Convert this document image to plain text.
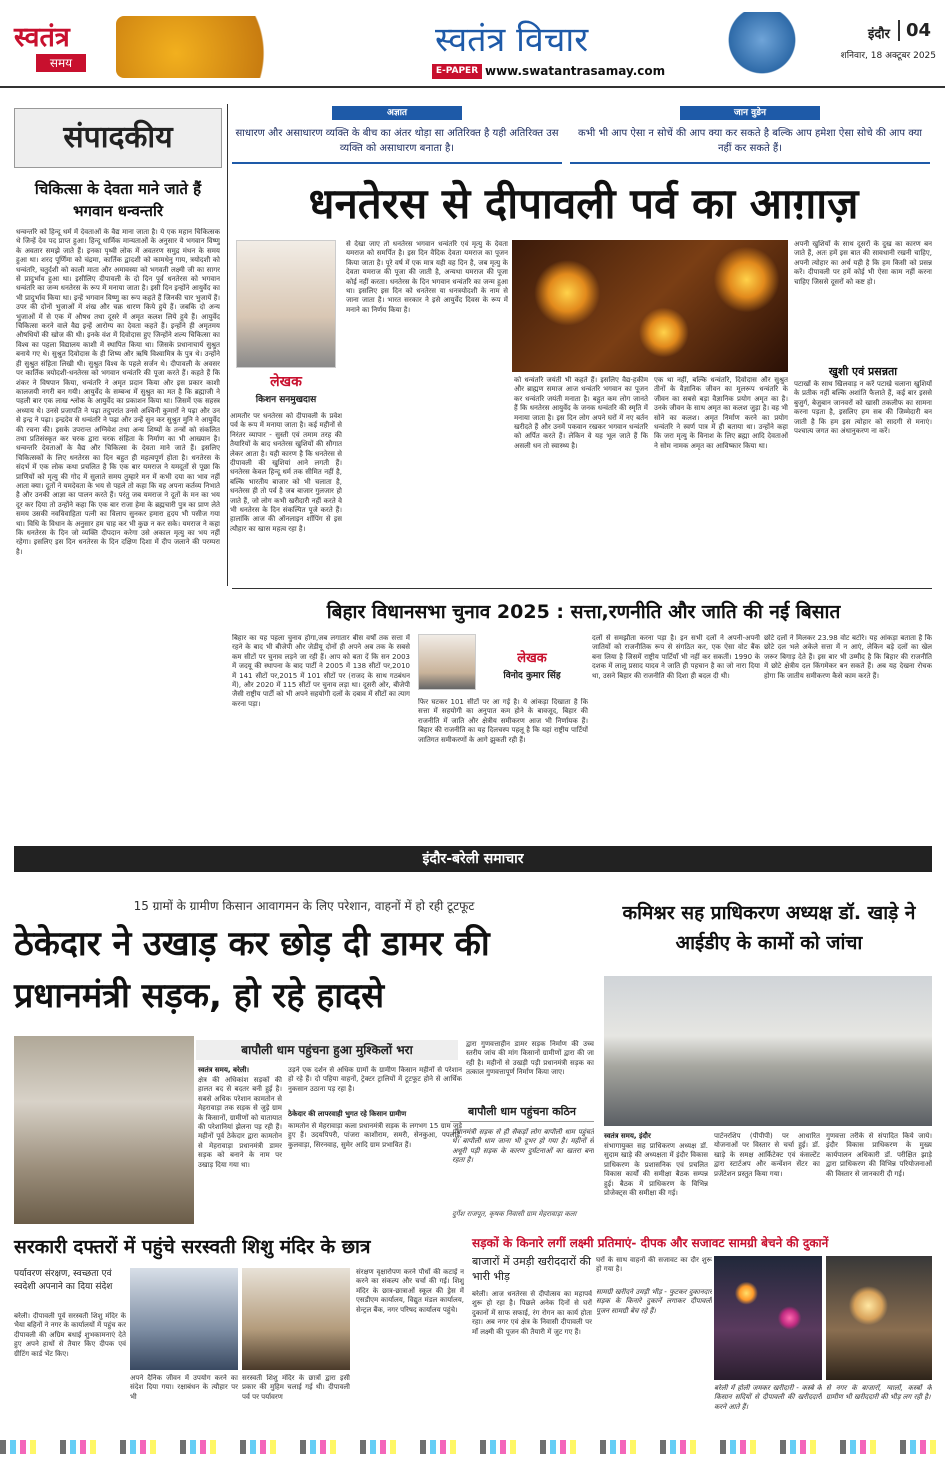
स्वतंत्र
समय
स्वतंत्र विचार
E-PAPER www.swatantrasamay.com
इंदौर 04
शनिवार, 18 अक्टूबर 2025
संपादकीय
चिकित्सा के देवता माने जाते हैं भगवान धन्वन्तरि
धन्वन्तरि को हिन्दू धर्म में देवताओं के वैद्य माना जाता है। ये एक महान चिकित्सक थे जिन्हें देव पद प्राप्त हुआ। हिन्दू धार्मिक मान्यताओं के अनुसार ये भगवान विष्णु के अवतार समझे जाते हैं। इनका पृथ्वी लोक में अवतरण समुद्र मंथन के समय हुआ था। शरद पूर्णिमा को चंद्रमा, कार्तिक द्वादशी को कामधेनु गाय, त्रयोदशी को धन्वंतरि, चतुर्दशी को काली माता और अमावस्या को भगवती लक्ष्मी जी का सागर से प्रादुर्भाव हुआ था। इसीलिए दीपावली के दो दिन पूर्व धनतेरस को भगवान धन्वंतरि का जन्म धनतेरस के रूप में मनाया जाता है। इसी दिन इन्होंने आयुर्वेद का भी प्रादुर्भाव किया था। इन्हें भगवान विष्णु का रूप कहते हैं जिनकी चार भुजायें हैं। उपर की दोनों भुजाओं में शंख और चक्र धारण किये हुये हैं। जबकि दो अन्य भुजाओं में से एक में औषध तथा दूसरे में अमृत कलश लिये हुये हैं। आयुर्वेद चिकित्सा करने वाले वैद्य इन्हें आरोग्य का देवता कहते हैं। इन्होंने ही अमृतमय औषधियों की खोज की थी। इनके वंश में दिवोदास हुए जिन्होंने शल्य चिकित्सा का विश्व का पहला विद्यालय काशी में स्थापित किया था। जिसके प्रधानाचार्य सुश्रुत बनाये गए थे। सुश्रुत दिवोदास के ही शिष्य और ऋषि विश्वामित्र के पुत्र थे। उन्होंने ही सुश्रुत संहिता लिखी थी। सुश्रुत विश्व के पहले सर्जन थे। दीपावली के अवसर पर कार्तिक त्रयोदशी-धनतेरस को भगवान धन्वंतरि की पूजा करते हैं। कहते हैं कि शंकर ने विषपान किया, धन्वंतरि ने अमृत प्रदान किया और इस प्रकार काशी कालजयी नगरी बन गयी। आयुर्वेद के सम्बन्ध में सुश्रुत का मत है कि ब्रह्माजी ने पहली बार एक लाख श्लोक के आयुर्वेद का प्रकाशन किया था। जिसमें एक सहस्त्र अध्याय थे। उनसे प्रजापति ने पढ़ा तदुपरांत उनसे अश्विनी कुमारों ने पढ़ा और उन से इन्द्र ने पढ़ा। इन्द्रदेव से धन्वंतरि ने पढ़ा और उन्हें सुन कर सुश्रुत मुनि ने आयुर्वेद की रचना की। इसके उपरान्त अग्निवेश तथा अन्य शिष्यों के तन्त्रों को संकलित तथा प्रतिसंस्कृत कर चरक द्वारा चरक संहिता के निर्माण का भी आख्यान है। धन्वन्तरि देवताओं के वैद्य और चिकित्सा के देवता माने जाते हैं। इसलिए चिकित्सकों के लिए धनतेरस का दिन बहुत ही महत्वपूर्ण होता है। धनतेरस के संदर्भ में एक लोक कथा प्रचलित है कि एक बार यमराज ने यमदूतों से पूछा कि प्राणियों को मृत्यु की गोद में सुलाते समय तुम्हारे मन में कभी दया का भाव नहीं आता क्या। दूतों ने यमदेवता के भय से पहले तो कहा कि वह अपना कर्तव्य निभाते है और उनकी आज्ञा का पालन करते हैं। परंतु जब यमराज ने दूतों के मन का भय दूर कर दिया तो उन्होंने कहा कि एक बार राजा हेमा के ब्रह्मचारी पुत्र का प्राण लेते समय उसकी नवविवाहिता पत्नी का विलाप सुनकर हमारा हृदय भी पसीज गया था। विधि के विधान के अनुसार हम चाह कर भी कुछ न कर सके। यमराज ने कहा कि धनतेरस के दिन जो व्यक्ति दीपदान करेगा उसे अकाल मृत्यु का भय नहीं रहेगा। इसलिए इस दिन धनतेरस के दिन दक्षिण दिशा में दीप जलाने की परम्परा है।
अज्ञात
साधारण और असाधारण व्यक्ति के बीच का अंतर थोड़ा सा अतिरिक्त है यही अतिरिक्त उस व्यक्ति को असाधारण बनाता है।
जान वुडेन
कभी भी आप ऐसा न सोचें की आप क्या कर सकते है बल्कि आप हमेशा ऐसा सोचे की आप क्या नहीं कर सकते हैं।
धनतेरस से दीपावली पर्व का आग़ाज़
लेखक
किशन सनमुखदास
आमतौर पर धनतेरस को दीपावली के प्रवेश पर्व के रूप में मनाया जाता है। कई महीनों से निरंतर व्यापार - सुस्ती एवं तमाम तरह की तैयारियों के बाद धनतेरस खुशियों की सौगात लेकर आता है। यही कारण है कि धनतेरस से दीपावली की खुशियां आने लगती हैं। धनतेरस केवल हिन्दू धर्म तक सीमित नहीं है, बल्कि भारतीय बाजार को भी चलाता है, धनतेरस ही तो पर्व है जब बाजार गुलजार हो जाते हैं, जो लोग कभी खरीदारी नहीं करते वे भी धनतेरस के दिन संकल्पित पूजे करते हैं। हालांकि आज की ऑनलाइन शॉपिंग से इस त्यौहार का खास महत्व रहा है।
से देखा जाए तो धनतेरस भगवान धन्वंतरि एवं मृत्यु के देवता यमराज को समर्पित है। इस दिन वैदिक देवता यमराज का पूजन किया जाता है। पूरे वर्ष में एक मात्र यही वह दिन है, जब मृत्यु के देवता यमराज की पूजा की जाती है, अन्यथा यमराज की पूजा कोई नहीं करता। धनतेरस के दिन भगवान धन्वंतरि का जन्म हुआ था। इसलिए इस दिन को धनतेरस या धनत्रयोदशी के नाम से जाना जाता है। भारत सरकार ने इसे आयुर्वेद दिवस के रूप में मनाने का निर्णय किया है।
को धन्वंतरि जयंती भी कहते हैं। इसलिए वैद्य-हकीम और ब्राह्मण समाज आज धन्वंतरि भगवान का पूजन कर धन्वंतरि जयंती मनाता है। बहुत कम लोग जानते हैं कि धनतेरस आयुर्वेद के जनक धन्वंतरि की स्मृति में मनाया जाता है। इस दिन लोग अपने घरों में नए बर्तन खरीदते हैं और उनमें पकवान रखकर भगवान धन्वंतरि को अर्पित करते हैं। लेकिन वे यह भूल जाते हैं कि असली धन तो स्वास्थ्य है।
एक था नहीं, बल्कि धन्वंतरि, दिवोदास और सुश्रुत तीनों के वैज्ञानिक जीवन का मूलरूप धन्वंतरि के जीवन का सबसे बड़ा वैज्ञानिक प्रयोग अमृत का है। उनके जीवन के साथ अमृत का कलश जुड़ा है। वह भी सोने का कलश। अमृत निर्माण करने का प्रयोग धन्वंतरि ने स्वर्ण पात्र में ही बताया था। उन्होंने कहा कि जरा मृत्यु के विनाश के लिए ब्रह्मा आदि देवताओं ने सोम नामक अमृत का आविष्कार किया था।
अपनी खुशियों के साथ दूसरों के दुख का कारण बन जाते हैं, अतः हमें इस बात की सावधानी रखनी चाहिए, अपनी त्योहार का अर्थ यही है कि हम किसी को प्रसन्न करें। दीपावली पर हमें कोई भी ऐसा काम नहीं करना चाहिए जिससे दूसरों को कष्ट हो।
खुशी एवं प्रसन्नता
पटाखों के साथ खिलवाड़ न करें पटाखे चलाना खुशियों के प्रतीक नहीं बल्कि अशांति फैलाते हैं, कई बार इससे बुजुर्ग, बेजुबान जानवरों को खासी तकलीफ का सामना करना पड़ता है, इसलिए हम सब की जिम्मेदारी बन जाती है कि हम इस त्योहार को सादगी से मनाएं। पश्चात्य जगत का अंधानुकरण ना करें।
बिहार विधानसभा चुनाव 2025 : सत्ता,रणनीति और जाति की नई बिसात
बिहार का यह पहला चुनाव होगा,जब लगातार बीस वर्षों तक सत्ता में रहने के बाद भी बीजेपी और जेडीयू दोनों ही अपने अब तक के सबसे कम सीटों पर चुनाव लड़ने जा रही हैं। आप को बता दें कि सन 2003 में जदयू की स्थापना के बाद पार्टी ने 2005 में 138 सीटों पर,2010 में 141 सीटों पर,2015 में 101 सीटों पर (राजद के साथ गठबंधन में), और 2020 में 115 सीटों पर चुनाव लड़ा था। दूसरी ओर, बीजेपी जैसी राष्ट्रीय पार्टी को भी अपने सहयोगी दलों के दबाव में सीटों का त्याग करना पड़ा।
लेखक
विनोद कुमार सिंह
फिर घटकर 101 सीटों पर आ गई है। ये आंकड़ा दिखाता है कि सत्ता में सहयोगी का अनुपात कम होने के बावजूद, बिहार की राजनीति में जाति और क्षेत्रीय समीकरण आज भी निर्णायक हैं। बिहार की राजनीति का यह दिलचस्प पहलू है कि यहां राष्ट्रीय पार्टियों जातिगत समीकरणों के आगे झुकती रही हैं।
दलों से समझौता करना पड़ा है। इन सभी दलों ने अपनी-अपनी जातियों को राजनीतिक रूप से संगठित कर, एक ऐसा वोट बैंक बना लिया है जिसमें राष्ट्रीय पार्टियाँ भी नहीं कर सकतीं। 1990 के दशक में लालू प्रसाद यादव ने जाति ही पहचान है का जो नारा दिया था, उसने बिहार की राजनीति की दिशा ही बदल दी थी।
छोटे दलों ने मिलकर 23.98 वोट बटोरे। यह आंकड़ा बताता है कि छोटे दल भले अकेले सत्ता में न आएं, लेकिन बड़े दलों का खेल जरूर बिगाड़ देते हैं। इस बार भी उम्मीद है कि बिहार की राजनीति में छोटे क्षेत्रीय दल किंगमेकर बन सकते हैं। अब यह देखना रोचक होगा कि जातीय समीकरण कैसे काम करते हैं।
इंदौर-बरेली समाचार
15 ग्रामों के ग्रामीण किसान आवागमन के लिए परेशान, वाहनों में हो रही टूटफूट
ठेकेदार ने उखाड़ कर छोड़ दी डामर की प्रधानमंत्री सड़क, हो रहे हादसे
बापौली धाम पहुंचना हुआ मुश्किलों भरा
स्वतंत्र समय, बरेली।
क्षेत्र की अधिकांश सड़कों की हालत बद से बदतर बनी हुई है। सबसे अधिक परेशान कामतोन से मेहरावाड़ा तक सड़क से जुड़े ग्राम के किसानों, ग्रामीणों को यातायात की परेशानियां झेलना पड़ रही हैं। महीनों पूर्व ठेकेदार द्वारा कामतोन से मेहरावाड़ा प्रधानमंत्री डामर सड़क को बनाने के नाम पर उखाड़ दिया गया था।
उड़ने एक दर्शन से अधिक ग्रामों के ग्रामीण किसान महीनों से परेशान हो रहे हैं। दो पहिया वाहनों, ट्रेक्टर ट्रालियों में टूटफूट होने से आर्थिक नुकसान उठाना पड़ रहा है।
ठेकेदार की लापरवाही भुगत रहे किसान ग्रामीण
कामतोन से मेहरावाड़ा कला प्रधानमंत्री सड़क के लगभग 15 ग्राम जुड़े हुए हैं। उदयपिपरी, पांजरा काशीराम, समरी, सेनकुआ, पपलाई, कुलवाड़ा, सिरनवाह, सुमेर आदि ग्राम प्रभावित हैं।
द्वारा गुणवत्ताहीन डामर सड़क निर्माण की उच्च स्तरीय जांच की मांग किसानों ग्रामीणों द्वारा की जा रही है। महीनों से उखड़ी पड़ी प्रधानमंत्री सड़क का तत्काल गुणवत्तापूर्ण निर्माण किया जाए।
बापौली धाम पहुंचना कठिन
प्रधानमंत्री सड़क से ही सैकड़ों लोग बापौली धाम पहुंचते थे। बापौली धाम जाना भी दूभर हो गया है। महीनों से अधूरी पड़ी सड़क के कारण दुर्घटनाओं का खतरा बना रहता है।
दुर्गेश राजपूत, कृषक निवासी ग्राम मेहरावाड़ा कला
कमिश्नर सह प्राधिकरण अध्यक्ष डॉ. खाड़े ने आईडीए के कामों को जांचा
स्वतंत्र समय, इंदौर
संभागायुक्त सह प्राधिकरण अध्यक्ष डॉ. सुदाम खाड़े की अध्यक्षता में इंदौर विकास प्राधिकरण के प्रशासनिक एवं प्रचलित विकास कार्यों की समीक्षा बैठक सम्पन्न हुई। बैठक में प्राधिकरण के विभिन्न प्रोजेक्ट्स की समीक्षा की गई।
पार्टनरशिप (पीपीपी) पर आधारित योजनाओं पर विस्तार से चर्चा हुई। डॉ. खाड़े के समक्ष आर्किटेक्ट एवं कंसल्टेंट द्वारा स्टार्टअप और कन्वेंशन सेंटर का प्रजेंटेशन प्रस्तुत किया गया।
गुणवत्ता तरीके से संपादित किये जाये। इंदौर विकास प्राधिकरण के मुख्य कार्यपालन अधिकारी डॉ. परीक्षित झाड़े द्वारा प्राधिकरण की विभिन्न परियोजनाओं की विस्तार से जानकारी दी गई।
सरकारी दफ्तरों में पहुंचे सरस्वती शिशु मंदिर के छात्र
पर्यावरण संरक्षण, स्वच्छता एवं स्वदेशी अपनाने का दिया संदेश
बरेली। दीपावली पूर्व सरस्वती शिशु मंदिर के भैया बहिनों ने नगर के कार्यालयों में पहुंच कर दीपावली की अग्रिम बधाई शुभकामनाएं देते हुए अपने हाथों से तैयार किए दीपक एवं ग्रीटिंग कार्ड भेंट किए।
अपने दैनिक जीवन में उपयोग करने का संदेश दिया गया। रक्षाबंधन के त्यौहार पर भी
सरस्वती शिशु मंदिर के छात्रों द्वारा इसी प्रकार की मुहिम चलाई गई थी। दीपावली पर्व पर पर्यावरण
संरक्षण वृक्षारोपण करने पौधों की कटाई न करने का संकल्प और चर्चा की गई। शिशु मंदिर के छात्र-छात्राओं स्कूल की ड्रेस में एसडीएम कार्यालय, विद्युत मंडल कार्यालय, सेन्ट्रल बैंक, नगर परिषद कार्यालय पहुंचे।
सड़कों के किनारे लगीं लक्ष्मी प्रतिमाएं- दीपक और सजावट सामग्री बेचने की दुकानें
बाजारों में उमड़ी खरीददारों की भारी भीड़
बरेली। आज धनतेरस से दीपोत्सव का महापर्व शुरू हो रहा है। पिछले अनेक दिनों से घरों दुकानों में साफ सफाई, रंग रोगन का कार्य होता रहा। अब नगर एवं क्षेत्र के निवासी दीपावली पर माँ लक्ष्मी की पूजन की तैयारी में जुट गए हैं।
घरों के साथ वाहनों की सजावट का दौर शुरू हो गया है।
सामग्री खरीदने उमड़ी भीड़ - फुटकर दुकानदार सड़क के किनारे दुकानें लगाकर दीपावली पूजन सामग्री बेच रहे हैं।
बरेली में होली जमकर खरीदारी - कस्बे के किसान सदियों से दीपावली की खरीददारी करने आते हैं।
से नगर के बाजारों, ग्वालों, कस्बों के ग्रामीण भी खरीददारी की भीड़ लग रही है।
